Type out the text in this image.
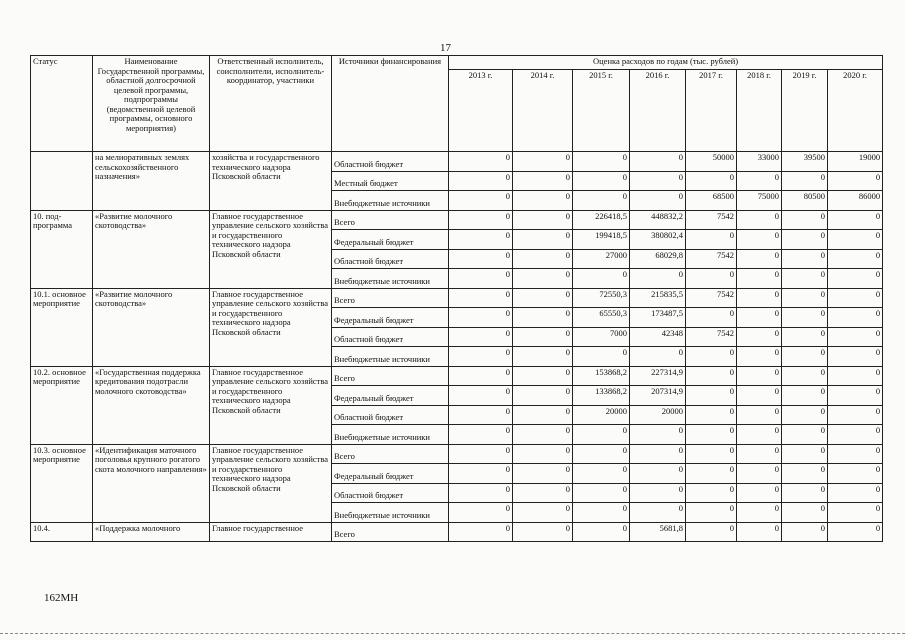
17
Статус	Наименование Государственной программы, областной долгосрочной целевой программы, подпрограммы (ведомственной целевой программы, основного мероприятия)	Ответственный исполнитель, соисполнители, исполнитель-координатор, участники	Источники финансирования	Оценка расходов по годам (тыс. рублей)							
				2013 г.	2014 г.	2015 г.	2016 г.	2017 г.	2018 г.	2019 г.	2020 г.
	на мелиоративных землях сельскохозяйственного назначения»	хозяйства и государственного технического надзора Псковской области	Областной бюджет	0	0	0	0	50000	33000	39500	19000
			Местный бюджет	0	0	0	0	0	0	0	0
			Внебюджетные источники	0	0	0	0	68500	75000	80500	86000
10. под-программа	«Развитие молочного скотоводства»	Главное государственное управление сельского хозяйства и государственного технического надзора Псковской области	Всего	0	0	226418,5	448832,2	7542	0	0	0
			Федеральный бюджет	0	0	199418,5	380802,4	0	0	0	0
			Областной бюджет	0	0	27000	68029,8	7542	0	0	0
			Внебюджетные источники	0	0	0	0	0	0	0	0
10.1. основное мероприятие	«Развитие молочного скотоводства»	Главное государственное управление сельского хозяйства и государственного технического надзора Псковской области	Всего	0	0	72550,3	215835,5	7542	0	0	0
			Федеральный бюджет	0	0	65550,3	173487,5	0	0	0	0
			Областной бюджет	0	0	7000	42348	7542	0	0	0
			Внебюджетные источники	0	0	0	0	0	0	0	0
10.2. основное мероприятие	«Государственная поддержка кредитования подотрасли молочного скотоводства»	Главное государственное управление сельского хозяйства и государственного технического надзора Псковской области	Всего	0	0	153868,2	227314,9	0	0	0	0
			Федеральный бюджет	0	0	133868,2	207314,9	0	0	0	0
			Областной бюджет	0	0	20000	20000	0	0	0	0
			Внебюджетные источники	0	0	0	0	0	0	0	0
10.3. основное мероприятие	«Идентификация маточного поголовья крупного рогатого скота молочного направления»	Главное государственное управление сельского хозяйства и государственного технического надзора Псковской области	Всего	0	0	0	0	0	0	0	0
			Федеральный бюджет	0	0	0	0	0	0	0	0
			Областной бюджет	0	0	0	0	0	0	0	0
			Внебюджетные источники	0	0	0	0	0	0	0	0
10.4.	«Поддержка молочного	Главное государственное	Всего	0	0	0	5681,8	0	0	0	0
162МН
